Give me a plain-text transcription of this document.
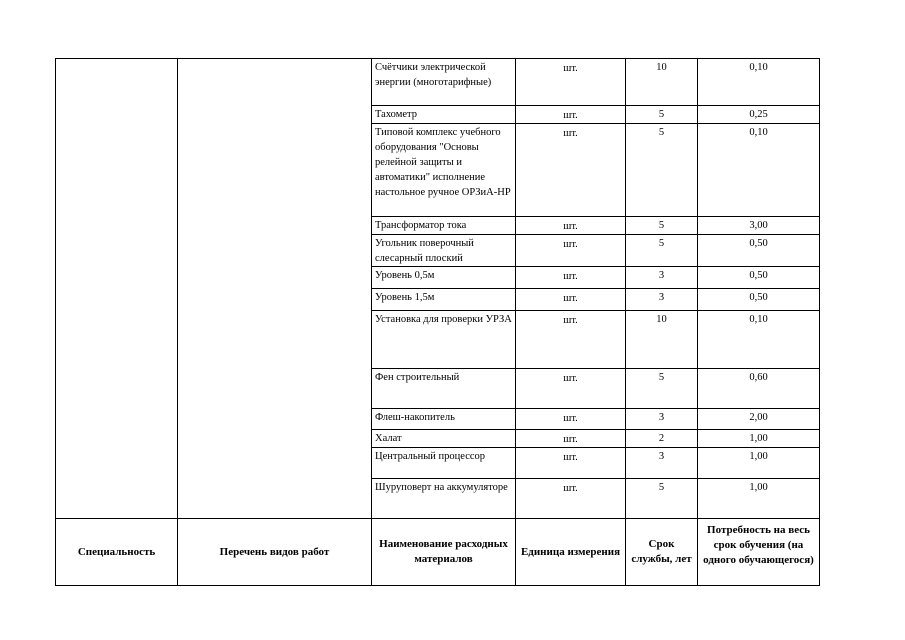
		Счётчики электрической энергии (многотарифные)	шт.	10	0,10
		Тахометр	шт.	5	0,25
		Типовой комплекс учебного оборудования "Основы релейной защиты и автоматики" исполнение настольное ручное ОРЗиА-НР	шт.	5	0,10
		Трансформатор тока	шт.	5	3,00
		Угольник поверочный слесарный плоский	шт.	5	0,50
		Уровень 0,5м	шт.	3	0,50
		Уровень 1,5м	шт.	3	0,50
		Установка для проверки УРЗА	шт.	10	0,10
		Фен строительный	шт.	5	0,60
		Флеш-накопитель	шт.	3	2,00
		Халат	шт.	2	1,00
		Центральный процессор	шт.	3	1,00
		Шуруповерт на аккумуляторе	шт.	5	1,00
Специальность	Перечень видов работ	Наименование расходных материалов	Единица измерения	Срок службы, лет	Потребность на весь срок обучения (на одного обучающегося)
